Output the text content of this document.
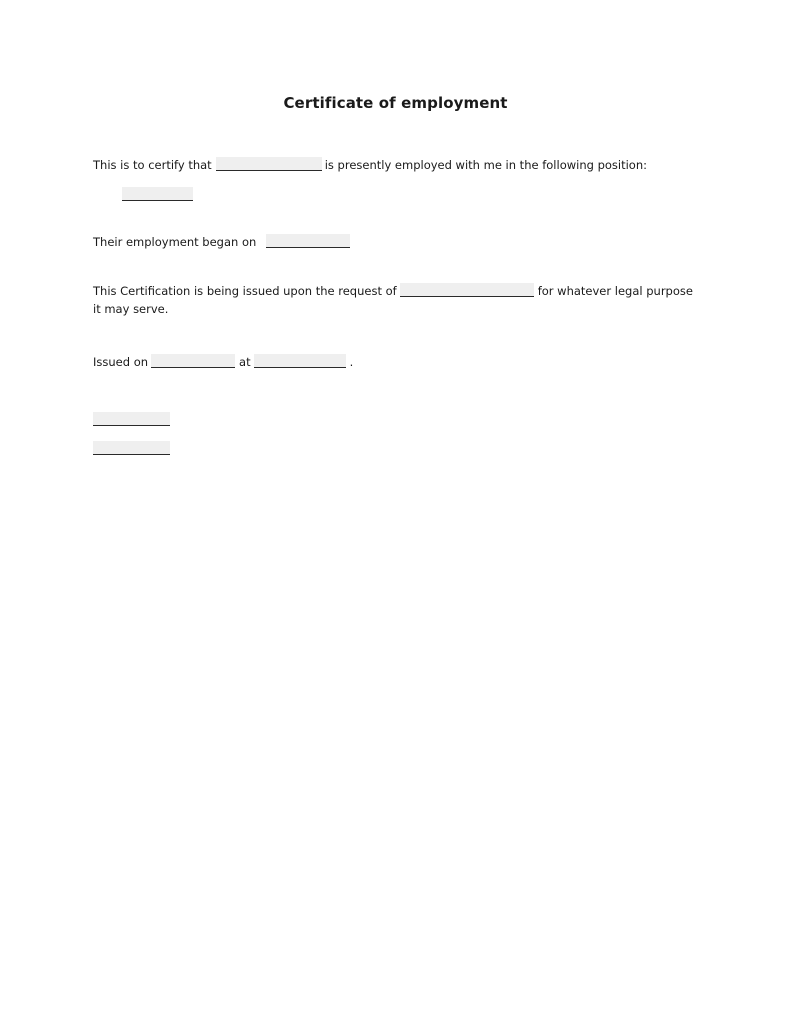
Certificate of employment
This is to certify that	is presently employed with me in the following position:
Their employment began on
This Certification is being issued upon the request of	for whatever legal purpose
it may serve.
Issued on	at	.
